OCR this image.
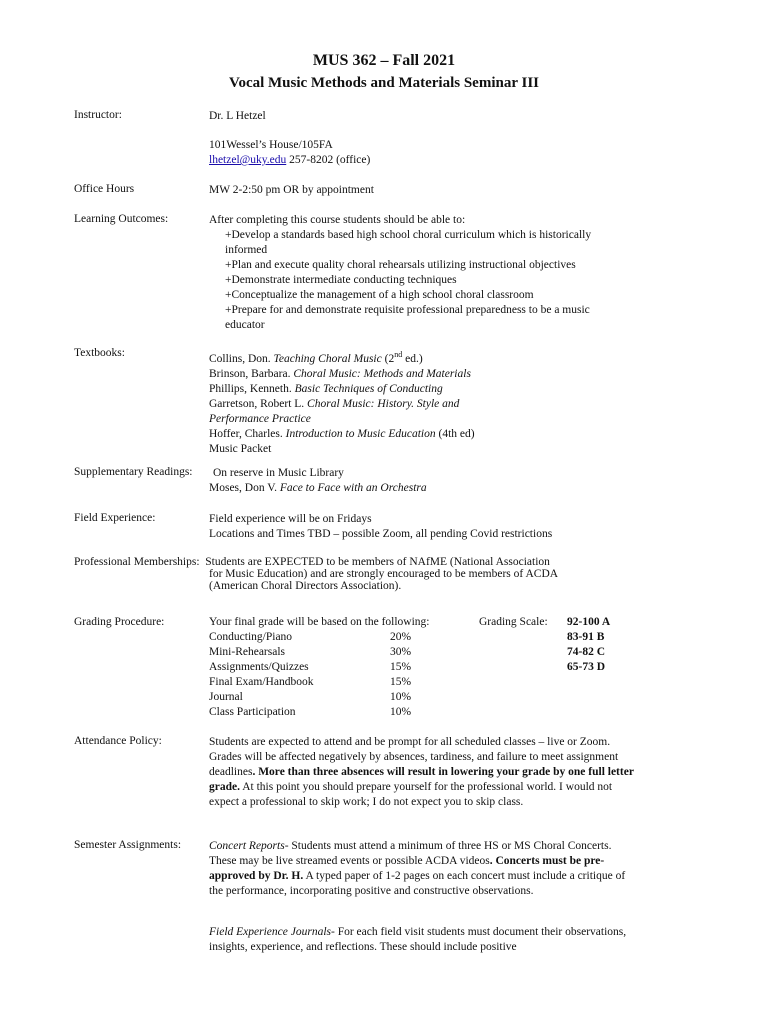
MUS 362 – Fall 2021
Vocal Music Methods and Materials Seminar III
Instructor:	Dr. L Hetzel
101Wessel’s House/105FA
lhetzel@uky.edu 257-8202 (office)
Office Hours	MW 2-2:50 pm OR by appointment
Learning Outcomes:	After completing this course students should be able to:
+Develop a standards based high school choral curriculum which is historically informed
+Plan and execute quality choral rehearsals utilizing instructional objectives
+Demonstrate intermediate conducting techniques
+Conceptualize the management of a high school choral classroom
+Prepare for and demonstrate requisite professional preparedness to be a music educator
Textbooks:	Collins, Don. Teaching Choral Music (2nd ed.)
Brinson, Barbara. Choral Music: Methods and Materials
Phillips, Kenneth. Basic Techniques of Conducting
Garretson, Robert L. Choral Music: History. Style and
Performance Practice
Hoffer, Charles. Introduction to Music Education (4th ed)
Music Packet
Supplementary Readings:	On reserve in Music Library
Moses, Don V. Face to Face with an Orchestra
Field Experience:	Field experience will be on Fridays
Locations and Times TBD – possible Zoom, all pending Covid restrictions
Professional Memberships: Students are EXPECTED to be members of NAfME (National Association
for Music Education) and are strongly encouraged to be members of ACDA
(American Choral Directors Association).
Grading Procedure:	Your final grade will be based on the following:	Grading Scale: 92-100 A
Conducting/Piano	20%	83-91 B
Mini-Rehearsals	30%	74-82 C
Assignments/Quizzes	15%	65-73 D
Final Exam/Handbook	15%
Journal	10%
Class Participation	10%
Attendance Policy:	Students are expected to attend and be prompt for all scheduled classes – live or Zoom. Grades will be affected negatively by absences, tardiness, and failure to meet assignment deadlines. More than three absences will result in lowering your grade by one full letter grade. At this point you should prepare yourself for the professional world. I would not expect a professional to skip work; I do not expect you to skip class.
Semester Assignments: Concert Reports- Students must attend a minimum of three HS or MS Choral Concerts. These may be live streamed events or possible ACDA videos. Concerts must be pre-approved by Dr. H. A typed paper of 1-2 pages on each concert must include a critique of the performance, incorporating positive and constructive observations.
Field Experience Journals- For each field visit students must document their observations, insights, experience, and reflections. These should include positive
